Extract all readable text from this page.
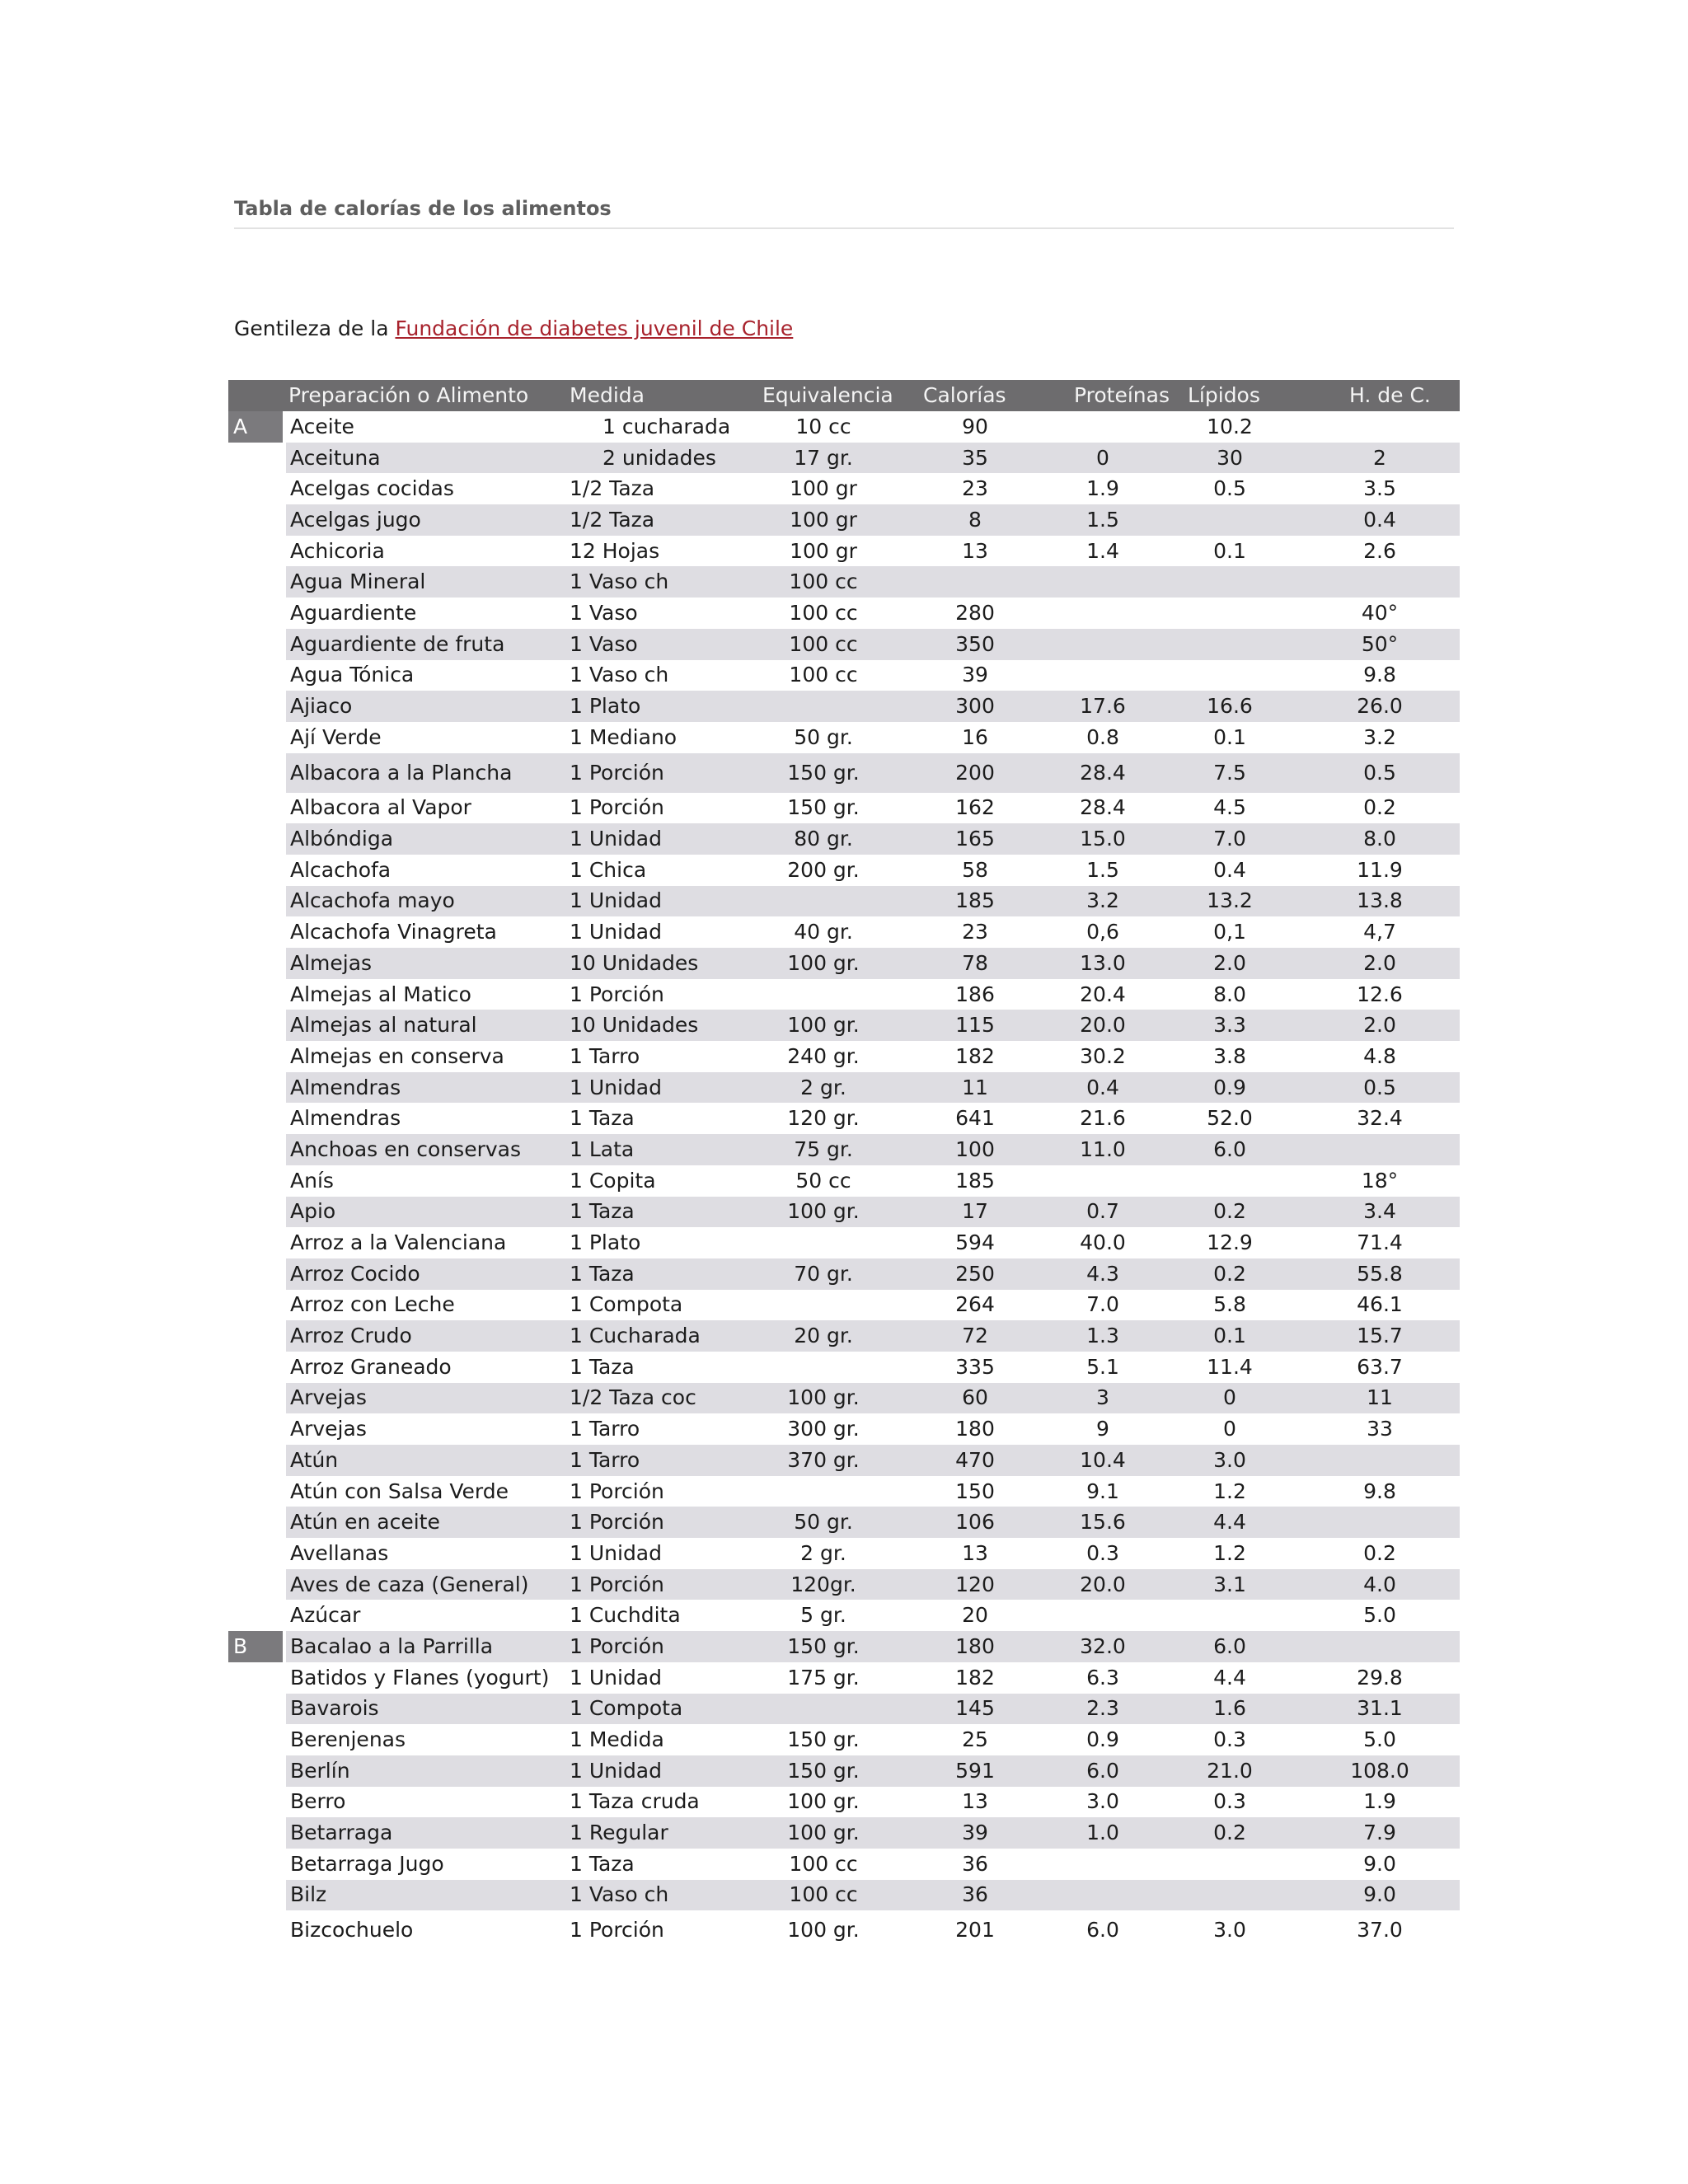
Tabla de calorías de los alimentos
Gentileza de la Fundación de diabetes juvenil de Chile
	Preparación o Alimento	Medida	Equivalencia	Calorías	Proteínas	Lípidos	H. de C.
A	Aceite	1 cucharada	10 cc	90		10.2	
	Aceituna	2 unidades	17 gr.	35	0	30	2
	Acelgas cocidas	1/2 Taza	100 gr	23	1.9	0.5	3.5
	Acelgas jugo	1/2 Taza	100 gr	8	1.5		0.4
	Achicoria	12 Hojas	100 gr	13	1.4	0.1	2.6
	Agua Mineral	1 Vaso ch	100 cc				
	Aguardiente	1 Vaso	100 cc	280			40°
	Aguardiente de fruta	1 Vaso	100 cc	350			50°
	Agua Tónica	1 Vaso ch	100 cc	39			9.8
	Ajiaco	1 Plato		300	17.6	16.6	26.0
	Ají Verde	1 Mediano	50 gr.	16	0.8	0.1	3.2
	Albacora a la Plancha	1 Porción	150 gr.	200	28.4	7.5	0.5
	Albacora al Vapor	1 Porción	150 gr.	162	28.4	4.5	0.2
	Albóndiga	1 Unidad	80 gr.	165	15.0	7.0	8.0
	Alcachofa	1 Chica	200 gr.	58	1.5	0.4	11.9
	Alcachofa mayo	1 Unidad		185	3.2	13.2	13.8
	Alcachofa Vinagreta	1 Unidad	40 gr.	23	0,6	0,1	4,7
	Almejas	10 Unidades	100 gr.	78	13.0	2.0	2.0
	Almejas al Matico	1 Porción		186	20.4	8.0	12.6
	Almejas al natural	10 Unidades	100 gr.	115	20.0	3.3	2.0
	Almejas en conserva	1 Tarro	240 gr.	182	30.2	3.8	4.8
	Almendras	1 Unidad	2 gr.	11	0.4	0.9	0.5
	Almendras	1 Taza	120 gr.	641	21.6	52.0	32.4
	Anchoas en conservas	1 Lata	75 gr.	100	11.0	6.0	
	Anís	1 Copita	50 cc	185			18°
	Apio	1 Taza	100 gr.	17	0.7	0.2	3.4
	Arroz a la Valenciana	1 Plato		594	40.0	12.9	71.4
	Arroz Cocido	1 Taza	70 gr.	250	4.3	0.2	55.8
	Arroz con Leche	1 Compota		264	7.0	5.8	46.1
	Arroz Crudo	1 Cucharada	20 gr.	72	1.3	0.1	15.7
	Arroz Graneado	1 Taza		335	5.1	11.4	63.7
	Arvejas	1/2 Taza coc	100 gr.	60	3	0	11
	Arvejas	1 Tarro	300 gr.	180	9	0	33
	Atún	1 Tarro	370 gr.	470	10.4	3.0	
	Atún con Salsa Verde	1 Porción		150	9.1	1.2	9.8
	Atún en aceite	1 Porción	50 gr.	106	15.6	4.4	
	Avellanas	1 Unidad	2 gr.	13	0.3	1.2	0.2
	Aves de caza (General)	1 Porción	120gr.	120	20.0	3.1	4.0
	Azúcar	1 Cuchdita	5 gr.	20			5.0
B	Bacalao a la Parrilla	1 Porción	150 gr.	180	32.0	6.0	
	Batidos y Flanes (yogurt)	1 Unidad	175 gr.	182	6.3	4.4	29.8
	Bavarois	1 Compota		145	2.3	1.6	31.1
	Berenjenas	1 Medida	150 gr.	25	0.9	0.3	5.0
	Berlín	1 Unidad	150 gr.	591	6.0	21.0	108.0
	Berro	1 Taza cruda	100 gr.	13	3.0	0.3	1.9
	Betarraga	1 Regular	100 gr.	39	1.0	0.2	7.9
	Betarraga Jugo	1 Taza	100 cc	36			9.0
	Bilz	1 Vaso ch	100 cc	36			9.0
	Bizcochuelo	1 Porción	100 gr.	201	6.0	3.0	37.0
